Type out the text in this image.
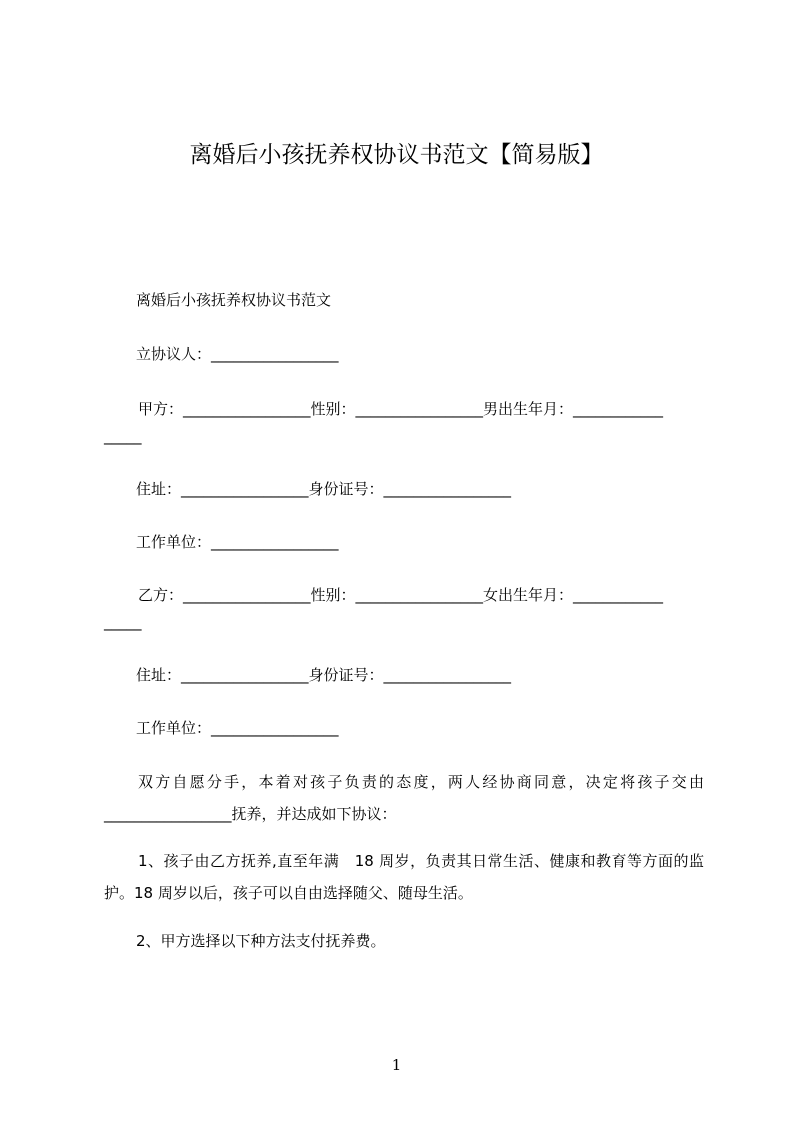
离婚后小孩抚养权协议书范文【简易版】
离婚后小孩抚养权协议书范文
立协议人：_________________
甲方：_________________性别：_________________男出生年月：____________
_____
住址：_________________身份证号：_________________
工作单位：_________________
乙方：_________________性别：_________________女出生年月：____________
_____
住址：_________________身份证号：_________________
工作单位：_________________
双方自愿分手，本着对孩子负责的态度，两人经协商同意，决定将孩子交由_________________抚养，并达成如下协议：
1、孩子由乙方抚养,直至年满　18 周岁，负责其日常生活、健康和教育等方面的监护。18 周岁以后，孩子可以自由选择随父、随母生活。
2、甲方选择以下种方法支付抚养费。
1
